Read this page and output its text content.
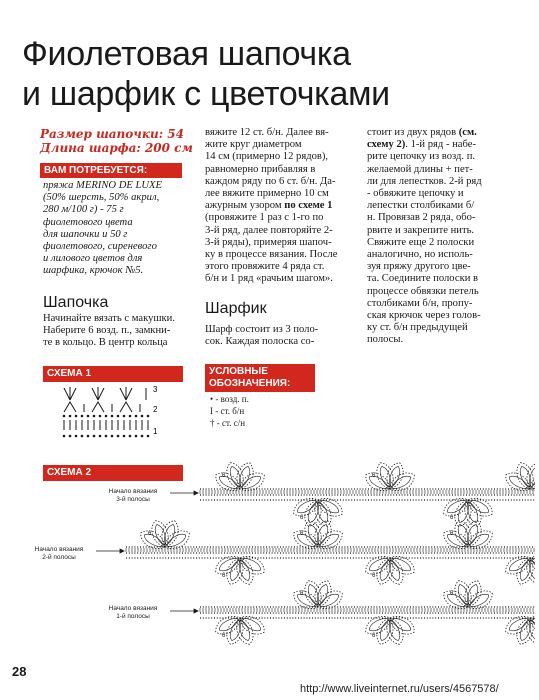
Фиолетовая шапочка
и шарфик с цветочками
Размер шапочки: 54
Длина шарфа: 200 см
ВАМ ПОТРЕБУЕТСЯ:
пряжа MERINO DE LUXE
(50% шерсть, 50% акрил,
280 м/100 г) - 75 г
фиолетового цвета
для шапочки и 50 г
фиолетового, сиреневого
и лилового цветов для
шарфика, крючок №5.
Шапочка
Начинайте вязать с макушки.
Наберите 6 возд. п., замкни-
те в кольцо. В центр кольца
вяжите 12 ст. б/н. Далее вя-
жите круг диаметром
14 см (примерно 12 рядов),
равномерно прибавляя в
каждом ряду по 6 ст. б/н. Да-
лее вяжите примерно 10 см
ажурным узором по схеме 1
(провяжите 1 раз с 1-го по
3-й ряд, далее повторяйте 2-
3-й ряды), примеряя шапоч-
ку в процессе вязания. После
этого провяжите 4 ряда ст.
б/н и 1 ряд «рачьим шагом».
Шарфик
Шарф состоит из 3 поло-
сок. Каждая полоска со-
стоит из двух рядов (см.
схему 2). 1-й ряд - набе-
рите цепочку из возд. п.
желаемой длины + пет-
ли для лепестков. 2-й ряд
- обвяжите цепочку и
лепестки столбиками б/
н. Провязав 2 ряда, обо-
рвите и закрепите нить.
Свяжите еще 2 полоски
аналогично, но исполь-
зуя пряжу другого цве-
та. Соедините полоски в
процессе обвязки петель
столбиками б/н, пропу-
ская крючок через голов-
ку ст. б/н предыдущей
полосы.
СХЕМА 1
3
2
1
УСЛОВНЫЕ
ОБОЗНАЧЕНИЯ:
• - возд. п.
I - ст. б/н
† - ст. с/н
СХЕМА 2
Начало вязания
3-й полосы
Начало вязания
2-й полосы
Начало вязания
1-й полосы
6	6
6	6
6	6	6
6	6
6	6
6	6
28
http://www.liveinternet.ru/users/4567578/
